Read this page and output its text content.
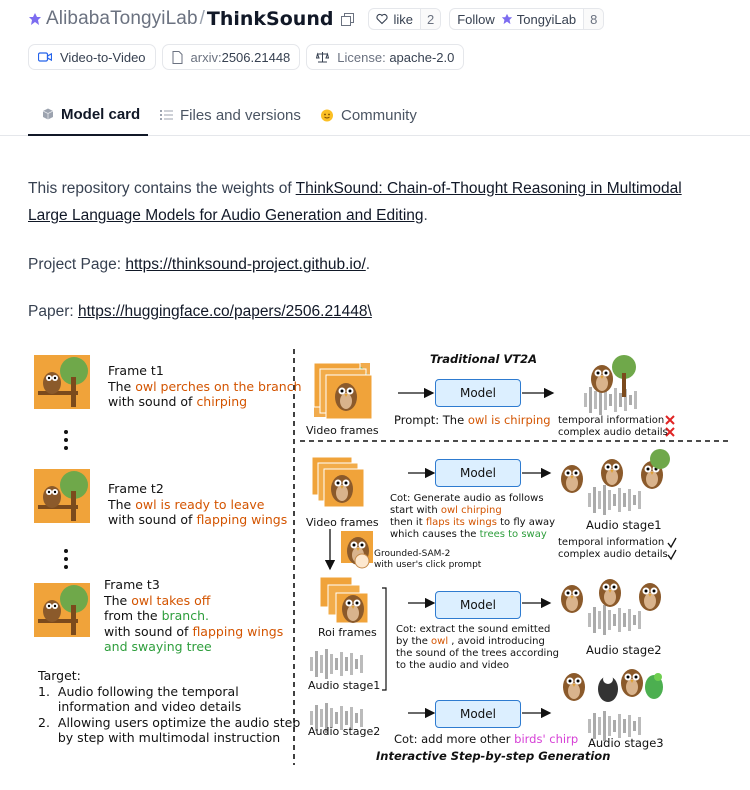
AlibabaTongyiLab / ThinkSound	like	2	Follow TongyiLab	8
Video-to-Video	arxiv: 2506.21448	License:
apache-2.0
Model card	Files and versions	Community
This repository contains the weights of ThinkSound: Chain-of-Thought Reasoning in Multimodal
Large Language Models for Audio Generation and Editing.
Project Page: https://thinksound-project.github.io/.
Paper: https://huggingface.co/papers/2506.21448\
Frame t1
The owl perches on the branch
with sound of chirping
Frame t2
The owl is ready to leave
with sound of flapping wings
Frame t3
The owl takes off
from the branch.
with sound of flapping wings
and swaying tree
Target:
1. Audio following the temporal
information and video details
2. Allowing users optimize the audio step
by step with multimodal instruction
Traditional VT2A
Video frames
Model
Prompt: The owl is chirping temporal information
complex audio details
Video frames
Model
Cot: Generate audio as follows
start with owl chirping
then it flaps its wings to fly away
which causes the trees to sway
Audio stage1
temporal information
complex audio details
Grounded-SAM-2
with user's click prompt
Roi frames
Model
Cot: extract the sound emitted
by the owl , avoid introducing
the sound of the trees according
to the audio and video
Audio stage2
Audio stage1
Audio stage2
Model
Cot: add more other birds' chirp Audio stage3
Interactive Step-by-step Generation
